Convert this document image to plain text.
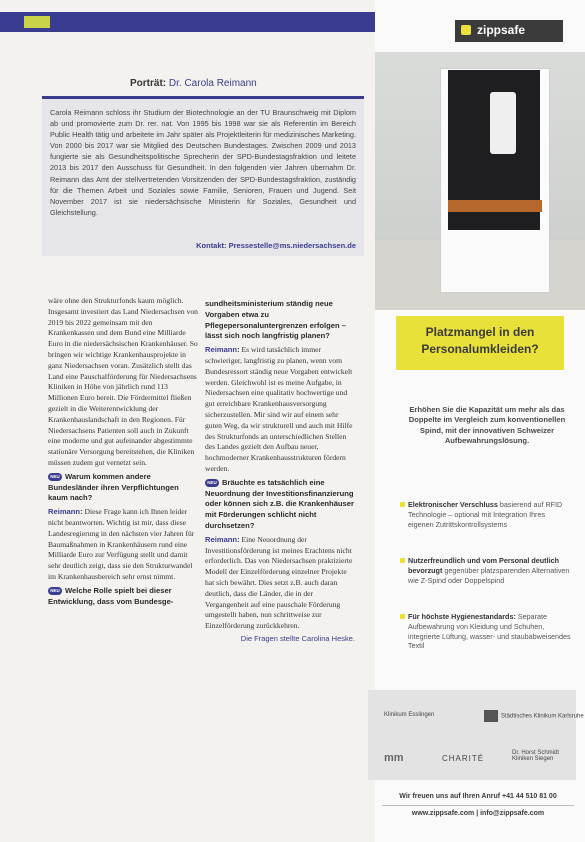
Porträt: Dr. Carola Reimann

Carola Reimann schloss ihr Studium der Biotechnologie an der TU Braunschweig mit Diplom ab und promovierte zum Dr. rer. nat. Von 1995 bis 1998 war sie als Referentin im Bereich Public Health tätig und arbeitete im Jahr später als Projektleiterin für medizinisches Marketing. Von 2000 bis 2017 war sie Mitglied des Deutschen Bundestages. Zwischen 2009 und 2013 fungierte sie als Gesundheitspolitische Sprecherin der SPD-Bundestagsfraktion und leitete 2013 bis 2017 den Ausschuss für Gesundheit. In den folgenden vier Jahren übernahm Dr. Reimann das Amt der stellvertretenden Vorsitzenden der SPD-Bundestagsfraktion, zuständig für die Themen Arbeit und Soziales sowie Familie, Senioren, Frauen und Jugend. Seit November 2017 ist sie niedersächsische Ministerin für Soziales, Gesundheit und Gleichstellung.

Kontakt: Pressestelle@ms.niedersachsen.de

wäre ohne den Strukturfonds kaum möglich. Insgesamt investiert das Land Niedersachsen von 2019 bis 2022 gemeinsam mit den Krankenkassen und dem Bund eine Milliarde Euro in die niedersächsischen Krankenhäuser. So bringen wir wichtige Krankenhausprojekte in ganz Niedersachsen voran. Zusätzlich stellt das Land eine Pauschalförderung für Niedersachsens Kliniken in Höhe von jährlich rund 113 Millionen Euro bereit. Die Fördermittel fließen gezielt in die Weiterentwicklung der Krankenhauslandschaft in den Regionen. Für Niedersachsens Patienten soll auch in Zukunft eine moderne und gut aufeinander abgestimmte stationäre Versorgung bereitstehen, die Kliniken müssen zudem gut vernetzt sein.

NEU Warum kommen andere Bundesländer ihren Verpflichtungen kaum nach?

Reimann: Diese Frage kann ich Ihnen leider nicht beantworten. Wichtig ist mir, dass diese Landesregierung in den nächsten vier Jahren für Baumaßnahmen in Krankenhäusern rund eine Milliarde Euro zur Verfügung stellt und damit sehr deutlich zeigt, dass sie den Strukturwandel im Krankenhausbereich sehr ernst nimmt.

NEU Welche Rolle spielt bei dieser Entwicklung, dass vom Bundesge-
sundheitsministerium ständig neue Vorgaben etwa zu Pflegepersonaluntergrenzen erfolgen – lässt sich noch langfristig planen?

Reimann: Es wird tatsächlich immer schwieriger, langfristig zu planen, wenn vom Bundesressort ständig neue Vorgaben entwickelt werden. Gleichwohl ist es meine Aufgabe, in Niedersachsen eine qualitativ hochwertige und gut erreichbare Krankenhausversorgung sicherzustellen. Mir sind wir auf einem sehr guten Weg, da wir strukturell und auch mit Hilfe des Strukturfonds an unterschiedlichen Stellen des Landes gezielt den Aufbau neuer, hochmoderner Krankenhausstrukturen fördern werden.

NEU Bräuchte es tatsächlich eine Neuordnung der Investitionsfinanzierung oder können sich z.B. die Krankenhäuser mit Förderungen schlicht nicht durchsetzen?

Reimann: Eine Neuordnung der Investitionsförderung ist meines Erachtens nicht erforderlich. Das von Niedersachsen praktizierte Modell der Einzelförderung einzelner Projekte hat sich bewährt. Dies setzt z.B. auch daran deutlich, dass die Länder, die in der Vergangenheit auf eine pauschale Förderung umgestellt haben, nun schrittweise zur Einzelförderung zurückkehren.

Die Fragen stellte Carolina Heske.
zippsafe
Platzmangel in den
Personalumkleiden?
Erhöhen Sie die Kapazität um mehr als das Doppelte im Vergleich zum konventionellen Spind, mit der innovativen Schweizer Aufbewahrungslösung.
Elektronischer Verschluss basierend auf RFID Technologie – optional mit Integration Ihres eigenen Zutrittskontrollsystems
Nutzerfreundlich und vom Personal deutlich bevorzugt gegenüber platzsparenden Alternativen wie Z-Spind oder Doppelspind
Für höchste Hygienestandards: Separate Aufbewahrung von Kleidung und Schuhen, integrierte Lüftung, wasser- und staubabweisendes Textil
Klinikum Esslingen	Städtisches Klinikum Karlsruhe
mm	CHARITÉ
Dr. Horst Schmidt Kliniken Siegen
Wir freuen uns auf Ihren Anruf +41 44 510 81 00
www.zippsafe.com | info@zippsafe.com
